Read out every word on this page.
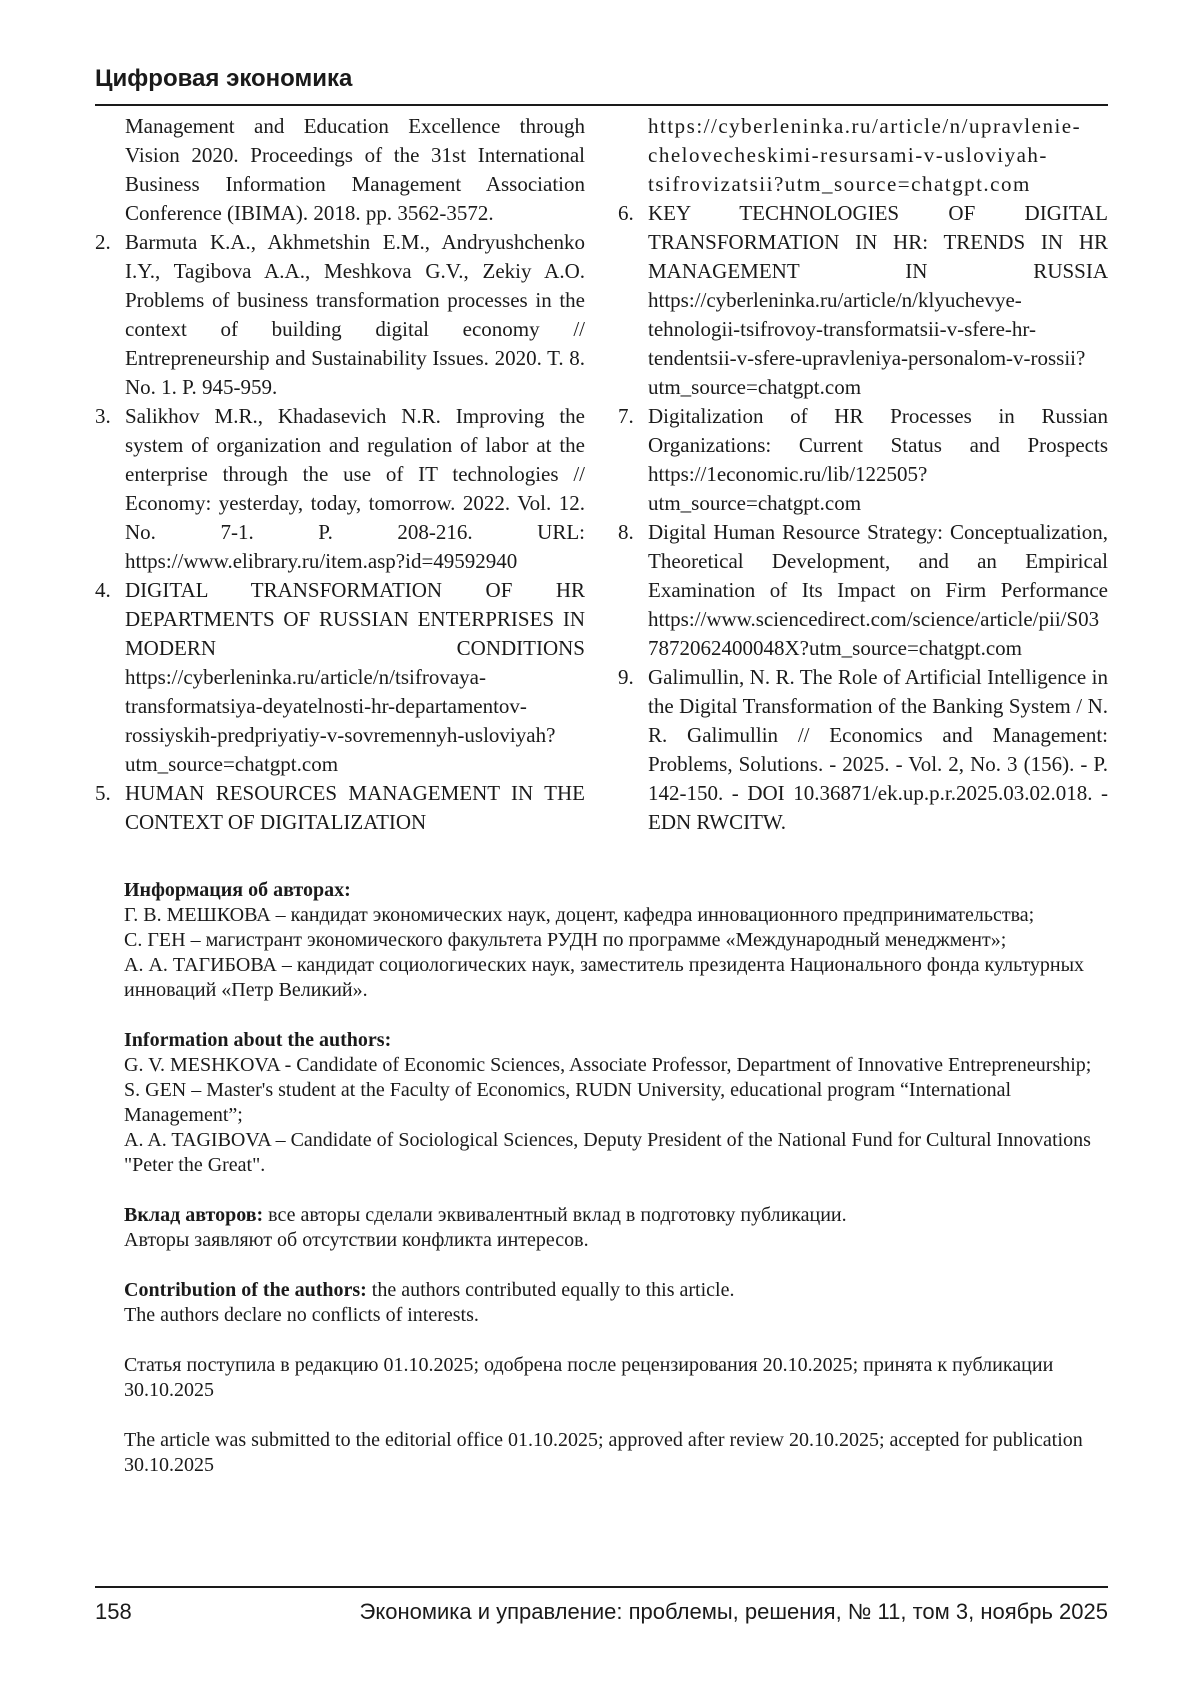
Цифровая экономика
Management and Education Excellence through Vision 2020. Proceedings of the 31st International Business Information Management Association Conference (IBIMA). 2018. pp. 3562-3572.
2. Barmuta K.A., Akhmetshin E.M., Andryushchenko I.Y., Tagibova A.A., Meshkova G.V., Zekiy A.O. Problems of business transformation processes in the context of building digital economy // Entrepreneurship and Sustainability Issues. 2020. T. 8. No. 1. P. 945-959.
3. Salikhov M.R., Khadasevich N.R. Improving the system of organization and regulation of labor at the enterprise through the use of IT technologies // Economy: yesterday, today, tomorrow. 2022. Vol. 12. No. 7-1. P. 208-216. URL: https://www.elibrary.ru/item.asp?id=49592940
4. DIGITAL TRANSFORMATION OF HR DEPARTMENTS OF RUSSIAN ENTERPRISES IN MODERN CONDITIONS https://cyberleninka.ru/article/n/tsifrovaya-transformatsiya-deyatelnosti-hr-departamentov-rossiyskih-predpriyatiy-v-sovremennyh-usloviyah?utm_source=chatgpt.com
5. HUMAN RESOURCES MANAGEMENT IN THE CONTEXT OF DIGITALIZATION
https://cyberleninka.ru/article/n/upravlenie-chelovecheskimi-resursami-v-usloviyah-tsifrovizatsii?utm_source=chatgpt.com
6. KEY TECHNOLOGIES OF DIGITAL TRANSFORMATION IN HR: TRENDS IN HR MANAGEMENT IN RUSSIA https://cyberleninka.ru/article/n/klyuchevye-tehnologii-tsifrovoy-transformatsii-v-sfere-hr-tendentsii-v-sfere-upravleniya-personalom-v-rossii?utm_source=chatgpt.com
7. Digitalization of HR Processes in Russian Organizations: Current Status and Prospects https://1economic.ru/lib/122505?utm_source=chatgpt.com
8. Digital Human Resource Strategy: Conceptualization, Theoretical Development, and an Empirical Examination of Its Impact on Firm Performance https://www.sciencedirect.com/science/article/pii/S037872062400048X?utm_source=chatgpt.com
9. Galimullin, N. R. The Role of Artificial Intelligence in the Digital Transformation of the Banking System / N. R. Galimullin // Economics and Management: Problems, Solutions. - 2025. - Vol. 2, No. 3 (156). - P. 142-150. - DOI 10.36871/ek.up.p.r.2025.03.02.018. - EDN RWCITW.

Информация об авторах:

Г. В. МЕШКОВА – кандидат экономических наук, доцент, кафедра инновационного предпринимательства;

С. ГЕН – магистрант экономического факультета РУДН по программе «Международный менеджмент»;

А. А. ТАГИБОВА – кандидат социологических наук, заместитель президента Национального фонда культурных инноваций «Петр Великий».

Information about the authors:

G. V. MESHKOVA - Candidate of Economic Sciences, Associate Professor, Department of Innovative Entrepreneurship;

S. GEN – Master's student at the Faculty of Economics, RUDN University, educational program “International Management”;

A. A. TAGIBOVA – Candidate of Sociological Sciences, Deputy President of the National Fund for Cultural Innovations "Peter the Great".

Вклад авторов: все авторы сделали эквивалентный вклад в подготовку публикации.

Авторы заявляют об отсутствии конфликта интересов.

Contribution of the authors: the authors contributed equally to this article.

The authors declare no conflicts of interests.

Статья поступила в редакцию 01.10.2025; одобрена после рецензирования 20.10.2025; принята к публикации 30.10.2025

The article was submitted to the editorial office 01.10.2025; approved after review 20.10.2025; accepted for publication 30.10.2025

158	Экономика и управление: проблемы, решения, № 11, том 3, ноябрь 2025
